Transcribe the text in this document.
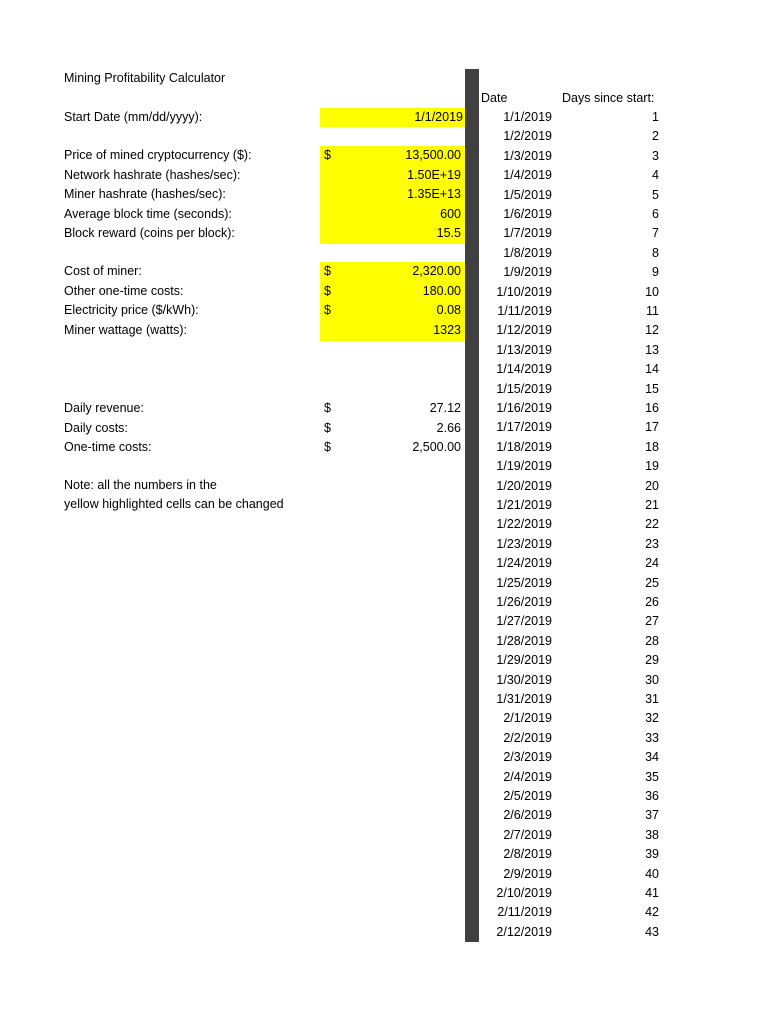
Mining Profitability Calculator
Start Date (mm/dd/yyyy):	1/1/2019
Price of mined cryptocurrency ($):	$	13,500.00
Network hashrate (hashes/sec):	1.50E+19
Miner hashrate (hashes/sec):	1.35E+13
Average block time (seconds):	600
Block reward (coins per block):	15.5
Cost of miner:	$	2,320.00
Other one-time costs:	$	180.00
Electricity price ($/kWh):	$	0.08
Miner wattage (watts):	1323
Daily revenue:	$	27.12
Daily costs:	$	2.66
One-time costs:	$	2,500.00
Note: all the numbers in the
yellow highlighted cells can be changed
Date	Days since start:
1/1/2019	1
1/2/2019	2
1/3/2019	3
1/4/2019	4
1/5/2019	5
1/6/2019	6
1/7/2019	7
1/8/2019	8
1/9/2019	9
1/10/2019	10
1/11/2019	11
1/12/2019	12
1/13/2019	13
1/14/2019	14
1/15/2019	15
1/16/2019	16
1/17/2019	17
1/18/2019	18
1/19/2019	19
1/20/2019	20
1/21/2019	21
1/22/2019	22
1/23/2019	23
1/24/2019	24
1/25/2019	25
1/26/2019	26
1/27/2019	27
1/28/2019	28
1/29/2019	29
1/30/2019	30
1/31/2019	31
2/1/2019	32
2/2/2019	33
2/3/2019	34
2/4/2019	35
2/5/2019	36
2/6/2019	37
2/7/2019	38
2/8/2019	39
2/9/2019	40
2/10/2019	41
2/11/2019	42
2/12/2019	43
